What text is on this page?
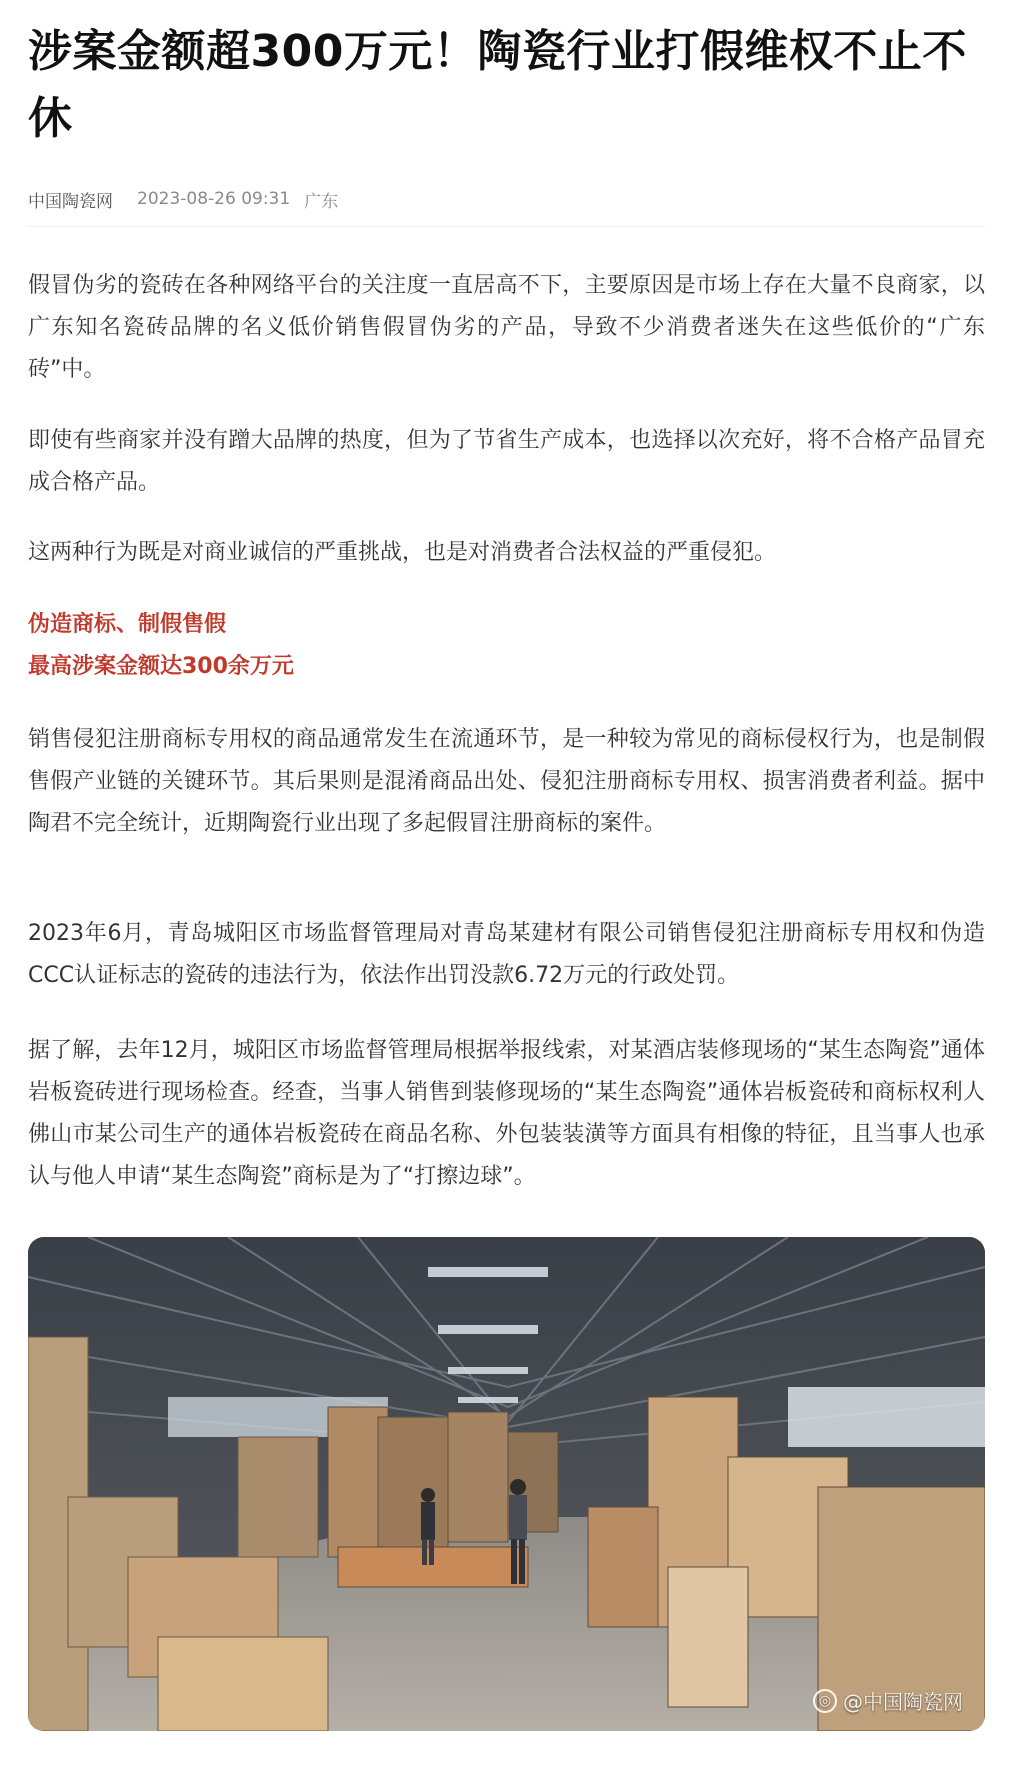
涉案金额超300万元！陶瓷行业打假维权不止不休
中国陶瓷网 2023-08-26 09:31 广东

假冒伪劣的瓷砖在各种网络平台的关注度一直居高不下，主要原因是市场上存在大量不良商家，以广东知名瓷砖品牌的名义低价销售假冒伪劣的产品，导致不少消费者迷失在这些低价的“广东砖”中。

即使有些商家并没有蹭大品牌的热度，但为了节省生产成本，也选择以次充好，将不合格产品冒充成合格产品。

这两种行为既是对商业诚信的严重挑战，也是对消费者合法权益的严重侵犯。

伪造商标、制假售假

最高涉案金额达300余万元

销售侵犯注册商标专用权的商品通常发生在流通环节，是一种较为常见的商标侵权行为，也是制假售假产业链的关键环节。其后果则是混淆商品出处、侵犯注册商标专用权、损害消费者利益。据中陶君不完全统计，近期陶瓷行业出现了多起假冒注册商标的案件。

2023年6月，青岛城阳区市场监督管理局对青岛某建材有限公司销售侵犯注册商标专用权和伪造CCC认证标志的瓷砖的违法行为，依法作出罚没款6.72万元的行政处罚。

据了解，去年12月，城阳区市场监督管理局根据举报线索，对某酒店装修现场的“某生态陶瓷”通体岩板瓷砖进行现场检查。经查，当事人销售到装修现场的“某生态陶瓷”通体岩板瓷砖和商标权利人佛山市某公司生产的通体岩板瓷砖在商品名称、外包装装潢等方面具有相像的特征，且当事人也承认与他人申请“某生态陶瓷”商标是为了“打擦边球”。

◎ @中国陶瓷网
